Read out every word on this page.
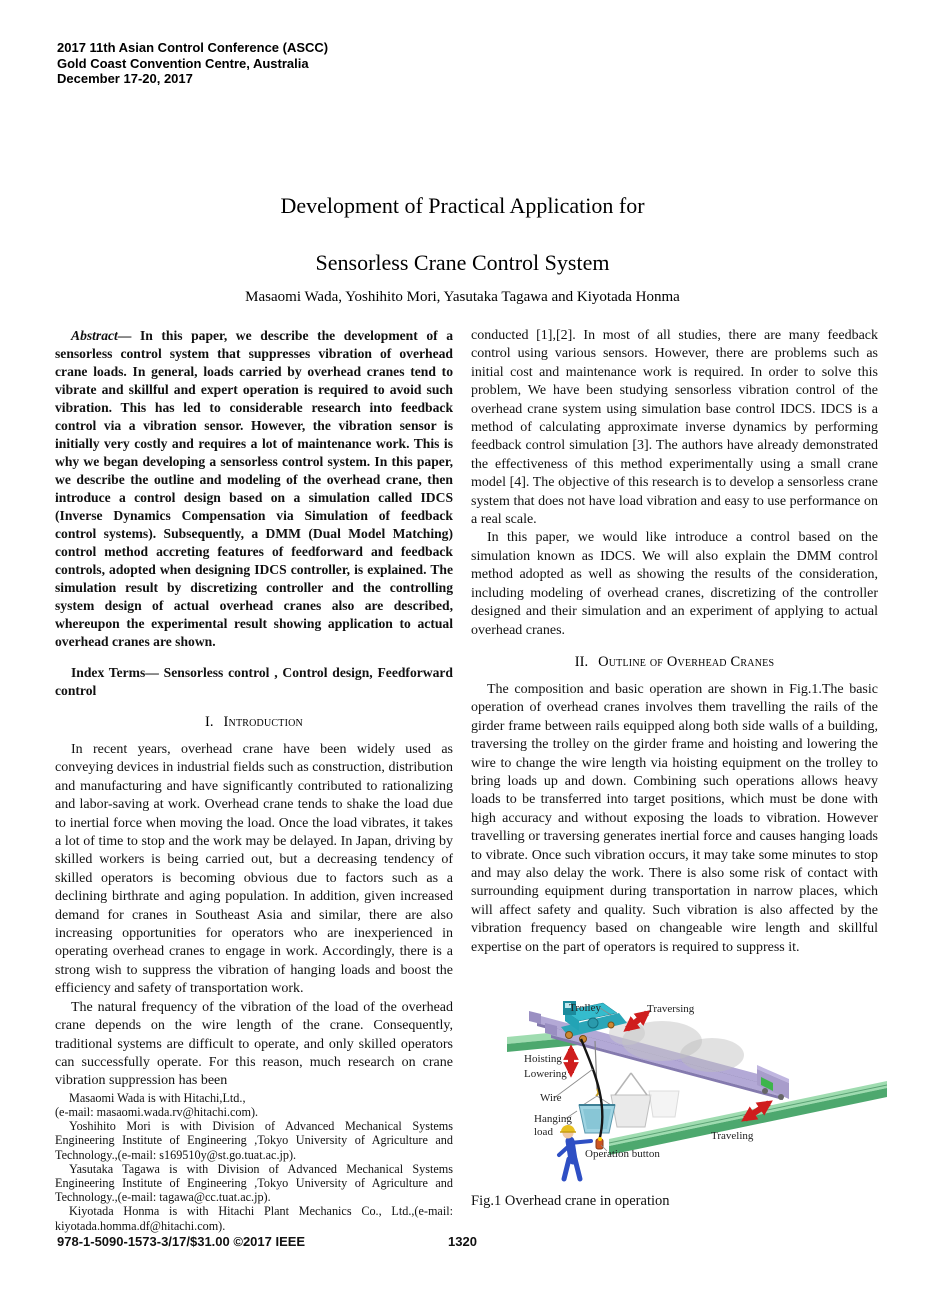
2017 11th Asian Control Conference (ASCC)
Gold Coast Convention Centre, Australia
December 17-20, 2017
Development of Practical Application for
Sensorless Crane Control System
Masaomi Wada, Yoshihito Mori, Yasutaka Tagawa and Kiyotada Honma

Abstract— In this paper, we describe the development of a sensorless control system that suppresses vibration of overhead crane loads. In general, loads carried by overhead cranes tend to vibrate and skillful and expert operation is required to avoid such vibration. This has led to considerable research into feedback control via a vibration sensor. However, the vibration sensor is initially very costly and requires a lot of maintenance work. This is why we began developing a sensorless control system. In this paper, we describe the outline and modeling of the overhead crane, then introduce a control design based on a simulation called IDCS (Inverse Dynamics Compensation via Simulation of feedback control systems). Subsequently, a DMM (Dual Model Matching) control method accreting features of feedforward and feedback controls, adopted when designing IDCS controller, is explained. The simulation result by discretizing controller and the controlling system design of actual overhead cranes also are described, whereupon the experimental result showing application to actual overhead cranes are shown.

Index Terms— Sensorless control , Control design, Feedforward control

I. Introduction

In recent years, overhead crane have been widely used as conveying devices in industrial fields such as construction, distribution and manufacturing and have significantly contributed to rationalizing and labor-saving at work. Overhead crane tends to shake the load due to inertial force when moving the load. Once the load vibrates, it takes a lot of time to stop and the work may be delayed. In Japan, driving by skilled workers is being carried out, but a decreasing tendency of skilled operators is becoming obvious due to factors such as a declining birthrate and aging population. In addition, given increased demand for cranes in Southeast Asia and similar, there are also increasing opportunities for operators who are inexperienced in operating overhead cranes to engage in work. Accordingly, there is a strong wish to suppress the vibration of hanging loads and boost the efficiency and safety of transportation work.

The natural frequency of the vibration of the load of the overhead crane depends on the wire length of the crane. Consequently, traditional systems are difficult to operate, and only skilled operators can successfully operate. For this reason, much research on crane vibration suppression has been

Masaomi Wada is with Hitachi,Ltd.,
(e-mail: masaomi.wada.rv@hitachi.com).
Yoshihito Mori is with Division of Advanced Mechanical Systems Engineering Institute of Engineering ,Tokyo University of Agriculture and Technology.,(e-mail: s169510y@st.go.tuat.ac.jp).
Yasutaka Tagawa is with Division of Advanced Mechanical Systems Engineering Institute of Engineering ,Tokyo University of Agriculture and Technology.,(e-mail: tagawa@cc.tuat.ac.jp).
Kiyotada Honma is with Hitachi Plant Mechanics Co., Ltd.,(e-mail: kiyotada.homma.df@hitachi.com).

conducted [1],[2]. In most of all studies, there are many feedback control using various sensors. However, there are problems such as initial cost and maintenance work is required. In order to solve this problem, We have been studying sensorless vibration control of the overhead crane system using simulation base control IDCS. IDCS is a method of calculating approximate inverse dynamics by performing feedback control simulation [3]. The authors have already demonstrated the effectiveness of this method experimentally using a small crane model [4]. The objective of this research is to develop a sensorless crane system that does not have load vibration and easy to use performance on a real scale.

In this paper, we would like introduce a control based on the simulation known as IDCS. We will also explain the DMM control method adopted as well as showing the results of the consideration, including modeling of overhead cranes, discretizing of the controller designed and their simulation and an experiment of applying to actual overhead cranes.

II. Outline of Overhead Cranes

The composition and basic operation are shown in Fig.1.The basic operation of overhead cranes involves them travelling the rails of the girder frame between rails equipped along both side walls of a building, traversing the trolley on the girder frame and hoisting and lowering the wire to change the wire length via hoisting equipment on the trolley to bring loads up and down. Combining such operations allows heavy loads to be transferred into target positions, which must be done with high accuracy and without exposing the loads to vibration. However travelling or traversing generates inertial force and causes hanging loads to vibrate. Once such vibration occurs, it may take some minutes to stop and may also delay the work. There is also some risk of contact with surrounding equipment during transportation in narrow places, which will affect safety and quality. Such vibration is also affected by the vibration frequency based on changeable wire length and skillful expertise on the part of operators is required to suppress it.

Trolley	Traversing
Hoisting
Lowering
Wire
Hanging
load
Operation button
Traveling
Fig.1 Overhead crane in operation
978-1-5090-1573-3/17/$31.00 ©2017 IEEE	1320
